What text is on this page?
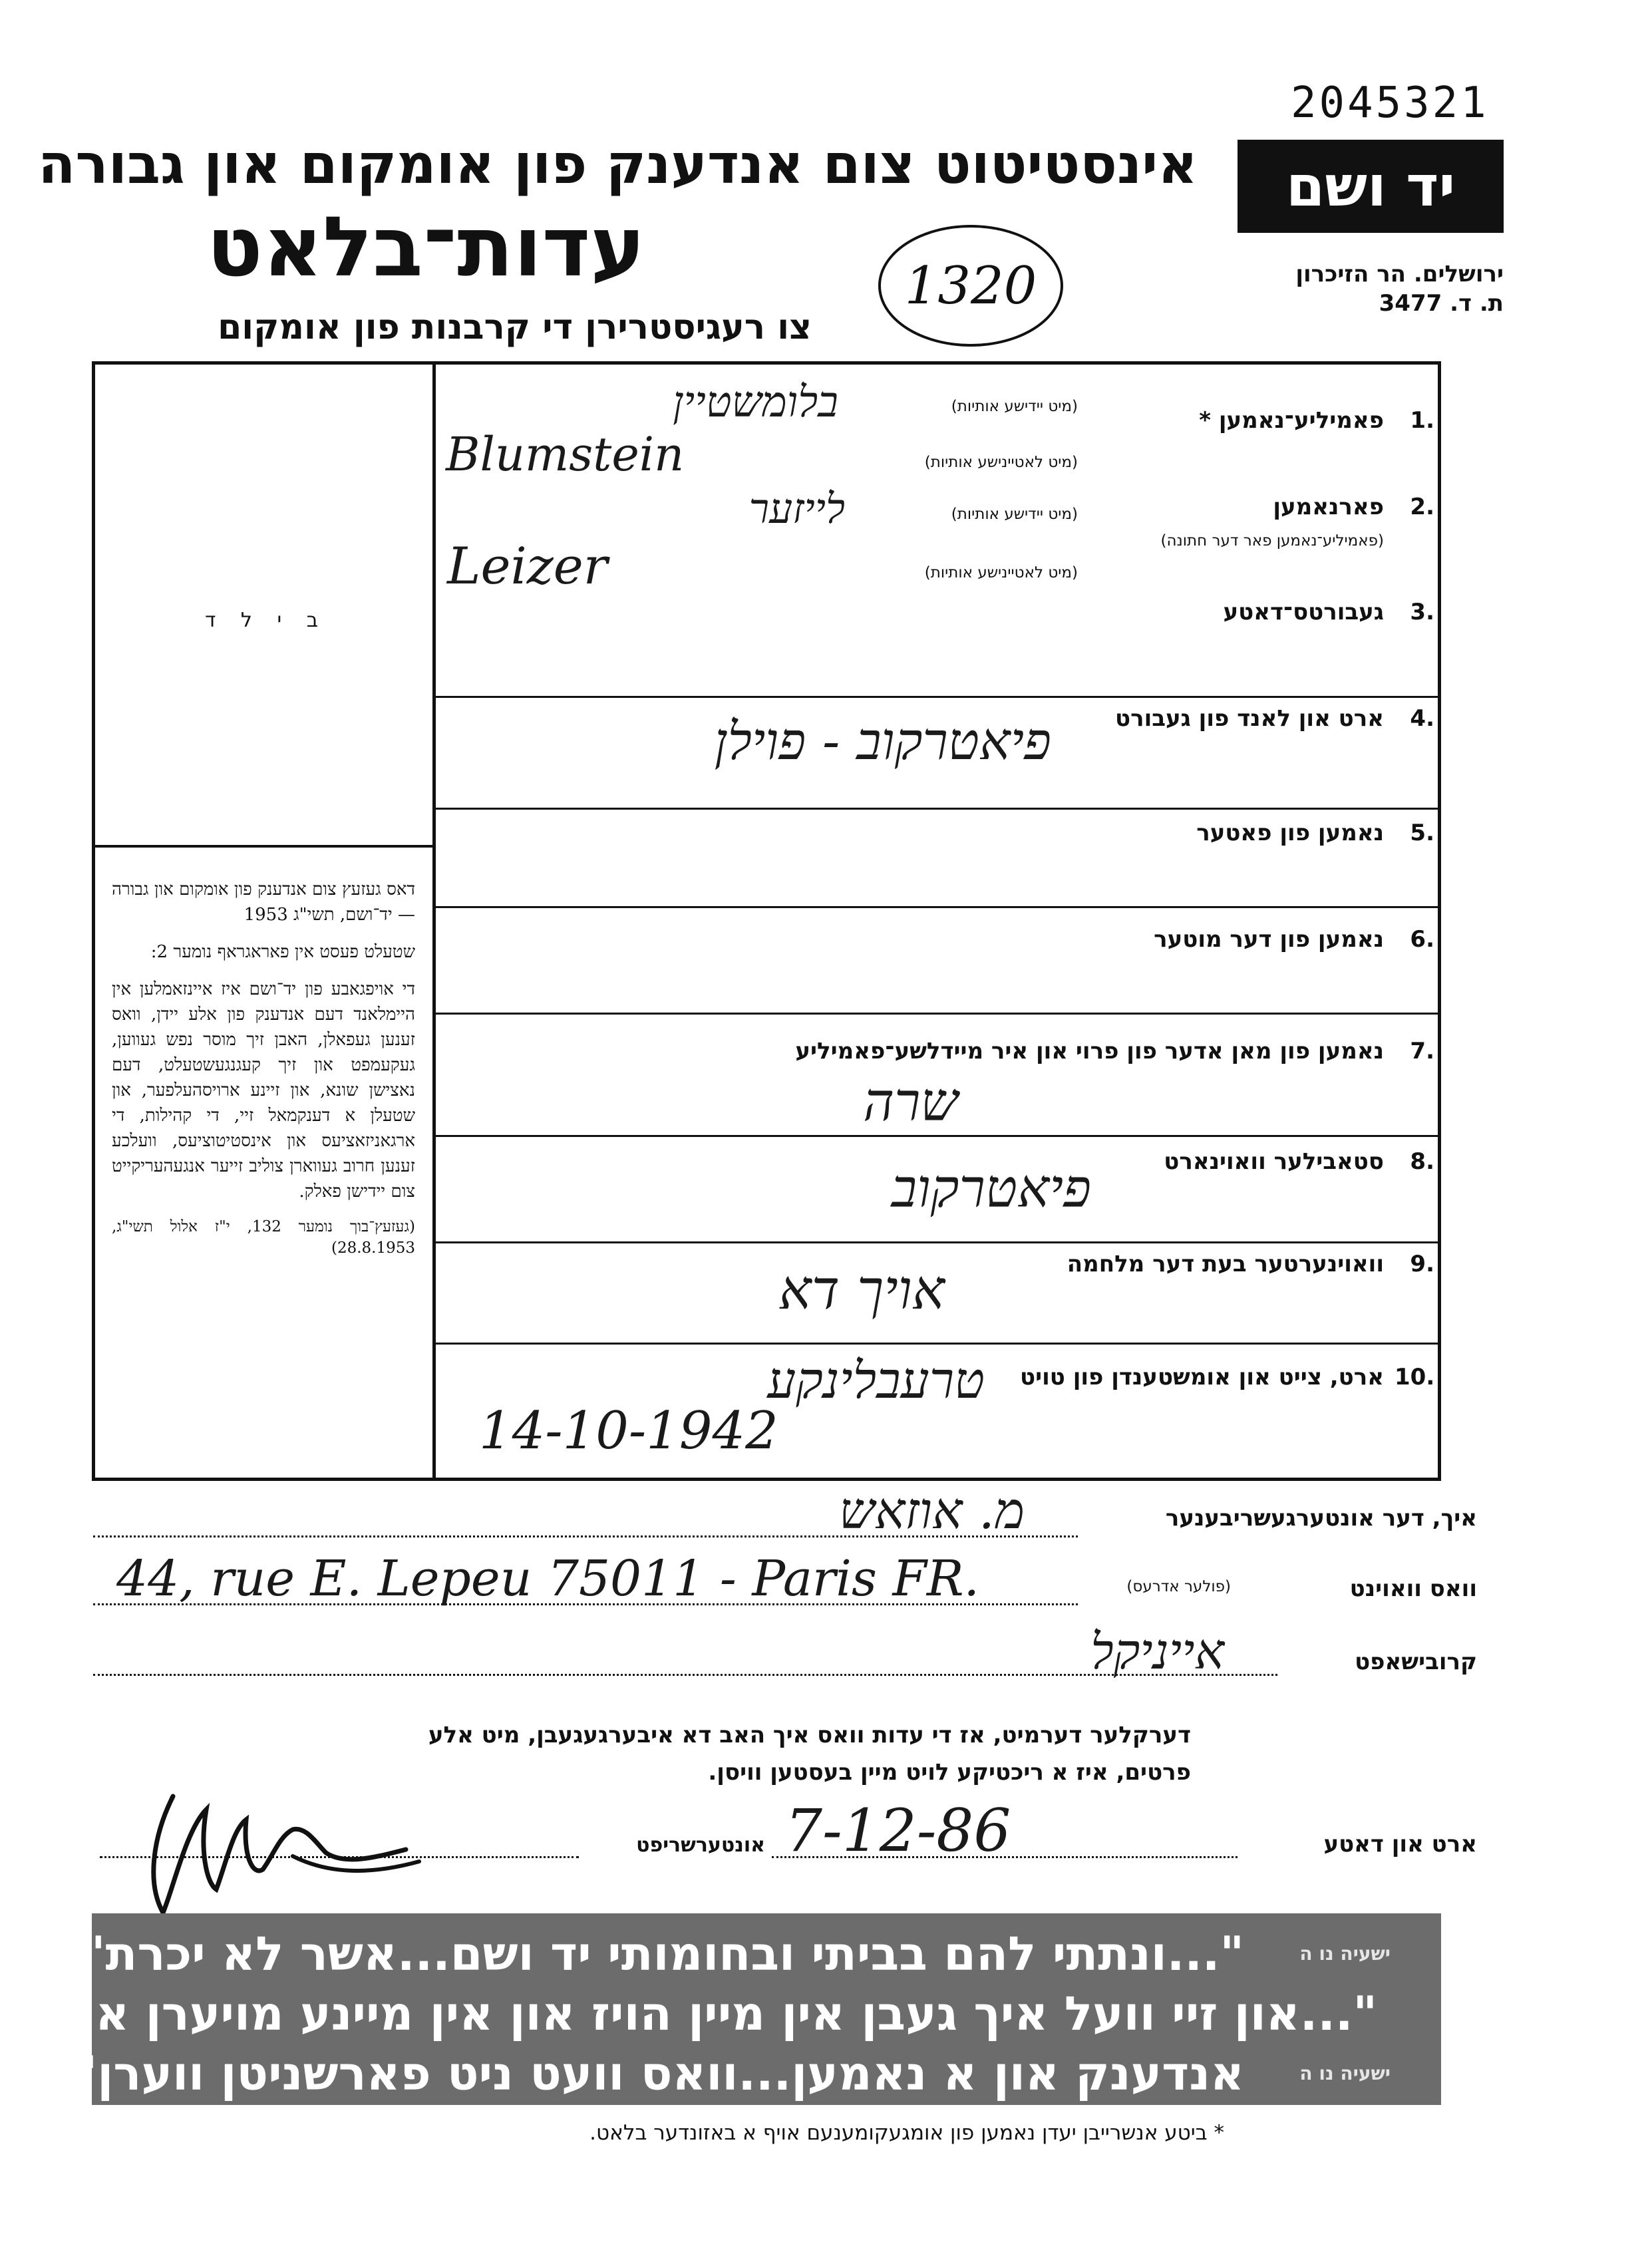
2045321
אינסטיטוט צום אנדענק פון אומקום און גבורה
עדות־בלאט
צו רעגיסטרירן די קרבנות פון אומקום
1320
יד ושם
ירושלים. הר הזיכרון
ת. ד. 3477
ב י ל ד

דאס געזעץ צום אנדענק פון אומקום און גבורה — יד־ושם, תשי"ג 1953

שטעלט פעסט אין פאראגראף נומער 2:

די אויפגאבע פון יד־ושם איז איינזאמלען אין היימלאנד דעם אנדענק פון אלע יידן, וואס זענען געפאלן, האבן זיך מוסר נפש געווען, געקעמפט און זיך קעגנגעשטעלט, דעם נאצישן שונא, און זיינע ארויסהעלפער, און שטעלן א דענקמאל זיי, די קהילות, די ארגאניזאציעס און אינסטיטוציעס, וועלכע זענען חרוב געווארן צוליב זייער אנגעהעריקייט צום יידישן פאלק.

(געזעץ־בוך נומער 132, י"ז אלול תשי"ג, 28.8.1953)

1.
פאמיליע־נאמען *
(מיט יידישע אותיות)
בלומשטיין
(מיט לאטיינישע אותיות)
Blumstein
2.
פארנאמען
(פאמיליע־נאמען פאר דער חתונה)
(מיט יידישע אותיות)
לייזער
(מיט לאטיינישע אותיות)
Leizer
3.
געבורטס־דאטע
4.
ארט און לאנד פון געבורט
פיאטרקוב - פוילן
5.
נאמען פון פאטער
6.
נאמען פון דער מוטער
7.
נאמען פון מאן אדער פון פרוי און איר מיידלשע־פאמיליע
שרה
8.
סטאבילער וואוינארט
פיאטרקוב
9.
וואוינערטער בעת דער מלחמה
אויך דא
10.
ארט, צייט און אומשטענדן פון טויט
טרעבלינקע
14-10-1942
איך, דער אונטערגעשריבענער
מ. אוזאש
וואס וואוינט
(פולער אדרעס)
44, rue E. Lepeu 75011 - Paris FR.
קרובישאפט
אייניקל
דערקלער דערמיט, אז די עדות וואס איך האב דא איבערגעגעבן, מיט אלע פרטים, איז א ריכטיקע לויט מיין בעסטען וויסן.
ארט און דאטע
7-12-86
אונטערשריפט
"...ונתתי להם בביתי ובחומותי יד ושם...אשר לא יכרת"	ישעיה נו ה
"...און זיי וועל איך געבן אין מיין הויז און אין מיינע מויערן אן
אנדענק און א נאמען...וואס וועט ניט פארשניטן ווערן"	ישעיה נו ה
* ביטע אנשרייבן יעדן נאמען פון אומגעקומענעם אויף א באזונדער בלאט.
